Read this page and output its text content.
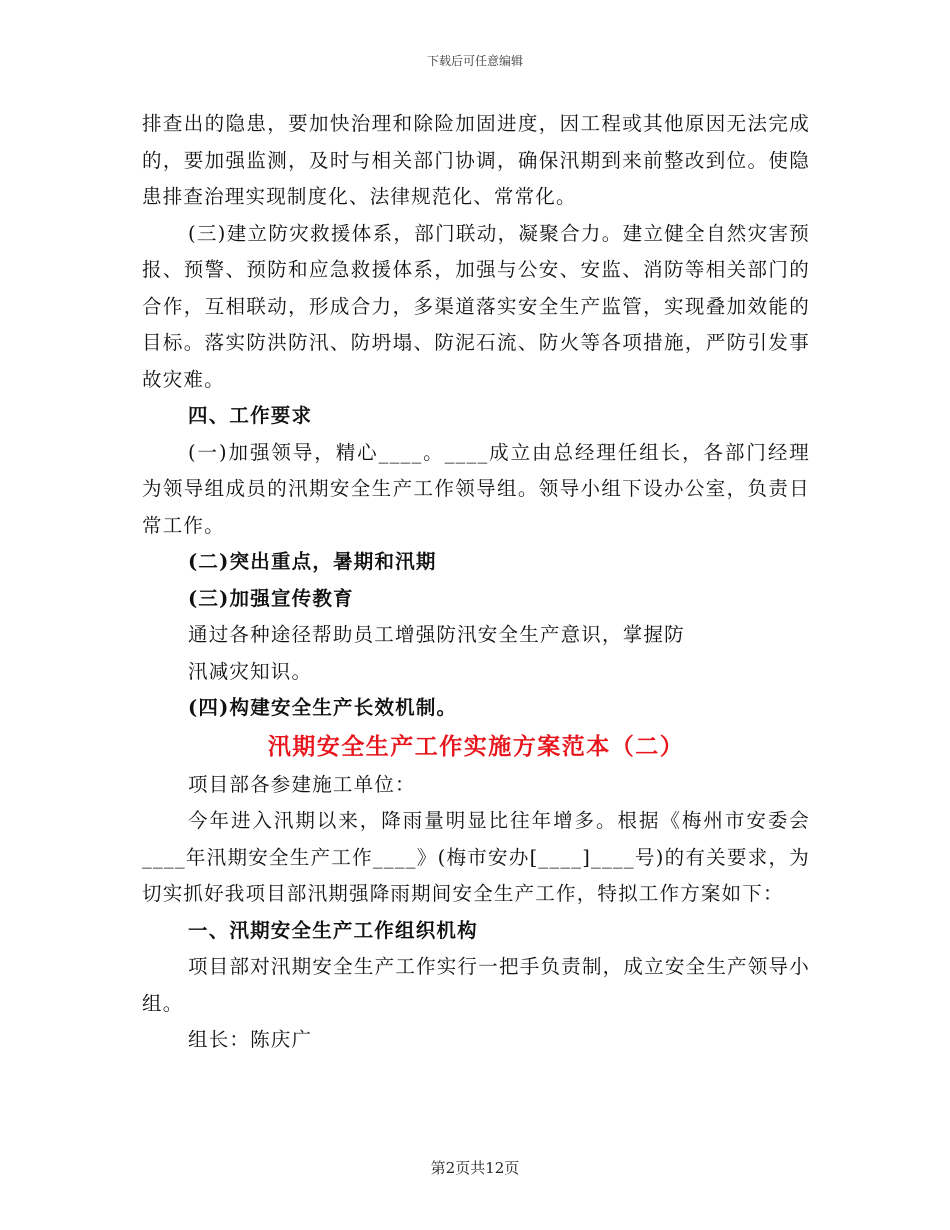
下载后可任意编辑

排查出的隐患，要加快治理和除险加固进度，因工程或其他原因无法完成的，要加强监测，及时与相关部门协调，确保汛期到来前整改到位。使隐患排查治理实现制度化、法律规范化、常常化。

(三)建立防灾救援体系，部门联动，凝聚合力。建立健全自然灾害预报、预警、预防和应急救援体系，加强与公安、安监、消防等相关部门的合作，互相联动，形成合力，多渠道落实安全生产监管，实现叠加效能的目标。落实防洪防汛、防坍塌、防泥石流、防火等各项措施，严防引发事故灾难。

四、工作要求

(一)加强领导，精心____。____成立由总经理任组长，各部门经理为领导组成员的汛期安全生产工作领导组。领导小组下设办公室，负责日常工作。

(二)突出重点，暑期和汛期

(三)加强宣传教育

通过各种途径帮助员工增强防汛安全生产意识，掌握防

汛减灾知识。

(四)构建安全生产长效机制。

汛期安全生产工作实施方案范本（二）

项目部各参建施工单位：

今年进入汛期以来，降雨量明显比往年增多。根据《梅州市安委会____年汛期安全生产工作____》(梅市安办[____]____号)的有关要求，为切实抓好我项目部汛期强降雨期间安全生产工作，特拟工作方案如下：

一、汛期安全生产工作组织机构

项目部对汛期安全生产工作实行一把手负责制，成立安全生产领导小组。

组长：陈庆广

第2页共12页
